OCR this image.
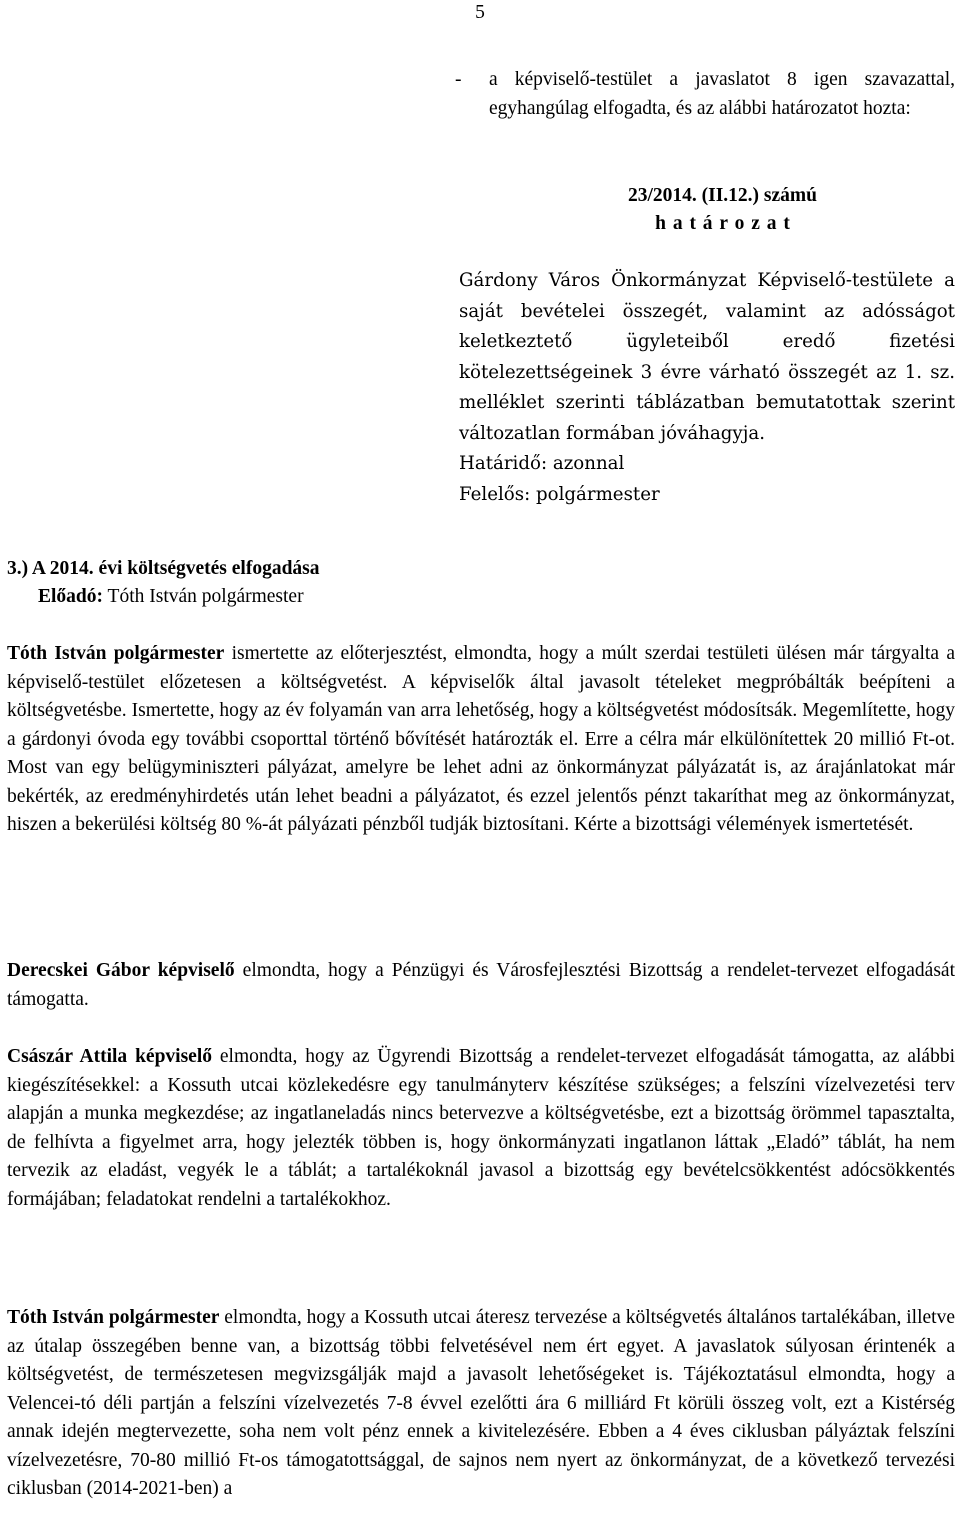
5
- a képviselő-testület a javaslatot 8 igen szavazattal, egyhangúlag elfogadta, és az alábbi határozatot hozta:
23/2014. (II.12.) számú
h a t á r o z a t
Gárdony Város Önkormányzat Képviselő-testülete a saját bevételei összegét, valamint az adósságot keletkeztető ügyleteiből eredő fizetési kötelezettségeinek 3 évre várható összegét az 1. sz. melléklet szerinti táblázatban bemutatottak szerint változatlan formában jóváhagyja.
Határidő: azonnal
Felelős: polgármester
3.) A 2014. évi költségvetés elfogadása
Előadó: Tóth István polgármester
Tóth István polgármester ismertette az előterjesztést, elmondta, hogy a múlt szerdai testületi ülésen már tárgyalta a képviselő-testület előzetesen a költségvetést. A képviselők által javasolt tételeket megpróbálták beépíteni a költségvetésbe. Ismertette, hogy az év folyamán van arra lehetőség, hogy a költségvetést módosítsák. Megemlítette, hogy a gárdonyi óvoda egy további csoporttal történő bővítését határozták el. Erre a célra már elkülönítettek 20 millió Ft-ot. Most van egy belügyminiszteri pályázat, amelyre be lehet adni az önkormányzat pályázatát is, az árajánlatokat már bekérték, az eredményhirdetés után lehet beadni a pályázatot, és ezzel jelentős pénzt takaríthat meg az önkormányzat, hiszen a bekerülési költség 80 %-át pályázati pénzből tudják biztosítani. Kérte a bizottsági vélemények ismertetését.
Derecskei Gábor képviselő elmondta, hogy a Pénzügyi és Városfejlesztési Bizottság a rendelet-tervezet elfogadását támogatta.
Császár Attila képviselő elmondta, hogy az Ügyrendi Bizottság a rendelet-tervezet elfogadását támogatta, az alábbi kiegészítésekkel: a Kossuth utcai közlekedésre egy tanulmányterv készítése szükséges; a felszíni vízelvezetési terv alapján a munka megkezdése; az ingatlaneladás nincs betervezve a költségvetésbe, ezt a bizottság örömmel tapasztalta, de felhívta a figyelmet arra, hogy jelezték többen is, hogy önkormányzati ingatlanon láttak „Eladó” táblát, ha nem tervezik az eladást, vegyék le a táblát; a tartalékoknál javasol a bizottság egy bevételcsökkentést adócsökkentés formájában; feladatokat rendelni a tartalékokhoz.
Tóth István polgármester elmondta, hogy a Kossuth utcai áteresz tervezése a költségvetés általános tartalékában, illetve az útalap összegében benne van, a bizottság többi felvetésével nem ért egyet. A javaslatok súlyosan érintenék a költségvetést, de természetesen megvizsgálják majd a javasolt lehetőségeket is. Tájékoztatásul elmondta, hogy a Velencei-tó déli partján a felszíni vízelvezetés 7-8 évvel ezelőtti ára 6 milliárd Ft körüli összeg volt, ezt a Kistérség annak idején megtervezette, soha nem volt pénz ennek a kivitelezésére. Ebben a 4 éves ciklusban pályáztak felszíni vízelvezetésre, 70-80 millió Ft-os támogatottsággal, de sajnos nem nyert az önkormányzat, de a következő tervezési ciklusban (2014-2021-ben) a
